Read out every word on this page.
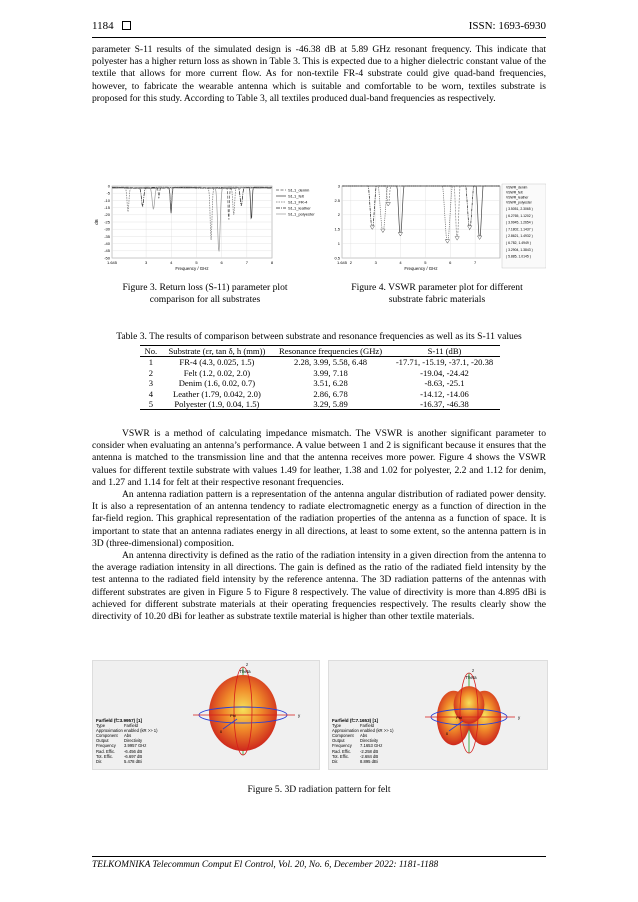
1184	ISSN: 1693-6930

parameter S-11 results of the simulated design is -46.38 dB at 5.89 GHz resonant frequency. This indicate that polyester has a higher return loss as shown in Table 3. This is expected due to a higher dielectric constant value of the textile that allows for more current flow. As for non-textile FR-4 substrate could give quad-band frequencies, however, to fabricate the wearable antenna which is suitable and comfortable to be worn, textiles substrate is proposed for this study. According to Table 3, all textiles produced dual-band frequencies as respectively.

0
-5
-10
-15
-20
-25
-30
-35
-40
-45
-50
1.645	3	4	5	6	7	8
Frequency / GHz
dB
S1,1_denim
S1,1_felt
S1,1_FR-4
S1,1_leather
S1,1_polyester
Figure 3. Return loss (S-11) parameter plot
comparison for all substrates
0.5
1
1.5
2
2.5
3
1.645 2	3	4	5	6	7
Frequency / GHz
VSWR_denim
VSWR_felt
VSWR_leather
VSWR_polyester
( 3.5051, 2.3065 )
( 6.2765, 1.1202 )
( 3.9945, 1.2654 )
( 7.1802, 1.1437 )
( 2.8621, 1.4932 )
( 6.782, 1.4949 )
( 3.2904, 1.3843 )
( 5.885, 1.0145 )
Figure 4. VSWR parameter plot for different
substrate fabric materials
Table 3. The results of comparison between substrate and resonance frequencies as well as its S-11 values
No.	Substrate (εr, tan δ, h (mm))	Resonance frequencies (GHz)	S-11 (dB)
1	FR-4 (4.3, 0.025, 1.5)	2.28, 3.99, 5.58, 6.48	-17.71, -15.19, -37.1, -20.38
2	Felt (1.2, 0.02, 2.0)	3.99, 7.18	-19.04, -24.42
3	Denim (1.6, 0.02, 0.7)	3.51, 6.28	-8.63, -25.1
4	Leather (1.79, 0.042, 2.0)	2.86, 6.78	-14.12, -14.06
5	Polyester (1.9, 0.04, 1.5)	3.29, 5.89	-16.37, -46.38

VSWR is a method of calculating impedance mismatch. The VSWR is another significant parameter to consider when evaluating an antenna’s performance. A value between 1 and 2 is significant because it ensures that the antenna is matched to the transmission line and that the antenna receives more power. Figure 4 shows the VSWR values for different textile substrate with values 1.49 for leather, 1.38 and 1.02 for polyester, 2.2 and 1.12 for denim, and 1.27 and 1.14 for felt at their respective resonant frequencies.

An antenna radiation pattern is a representation of the antenna angular distribution of radiated power density. It is also a representation of an antenna tendency to radiate electromagnetic energy as a function of direction in the far-field region. This graphical representation of the radiation properties of the antenna as a function of space. It is important to state that an antenna radiates energy in all directions, at least to some extent, so the antenna pattern is in 3D (three-dimensional) composition.

An antenna directivity is defined as the ratio of the radiation intensity in a given direction from the antenna to the average radiation intensity in all directions. The gain is defined as the ratio of the radiated field intensity by the test antenna to the radiated field intensity by the reference antenna. The 3D radiation patterns of the antennas with different substrates are given in Figure 5 to Figure 8 respectively. The value of directivity is more than 4.895 dBi is achieved for different substrate materials at their operating frequencies respectively. The results clearly show the directivity of 10.20 dBi for leather as substrate textile material is higher than other textile materials.

z
Theta
Phi
x
y
Farfield (f=3.9957) [1]
Type	Farfield
Approximation enabled (kR >> 1)
Component	Abs
Output	Directivity
Frequency	3.9957 GHz
Rad. Effic.	-6.456 dB
Tot. Effic.	-6.697 dB
Dir.	5.478 dBi
z
Theta
Phi
x
y
Farfield (f=7.1653) [1]
Type	Farfield
Approximation enabled (kR >> 1)
Component	Abs
Output	Directivity
Frequency	7.1653 GHz
Rad. Effic.	-2.258 dB
Tot. Effic.	-2.684 dB
Dir.	8.895 dBi
Figure 5. 3D radiation pattern for felt
TELKOMNIKA Telecommun Comput El Control, Vol. 20, No. 6, December 2022: 1181-1188
